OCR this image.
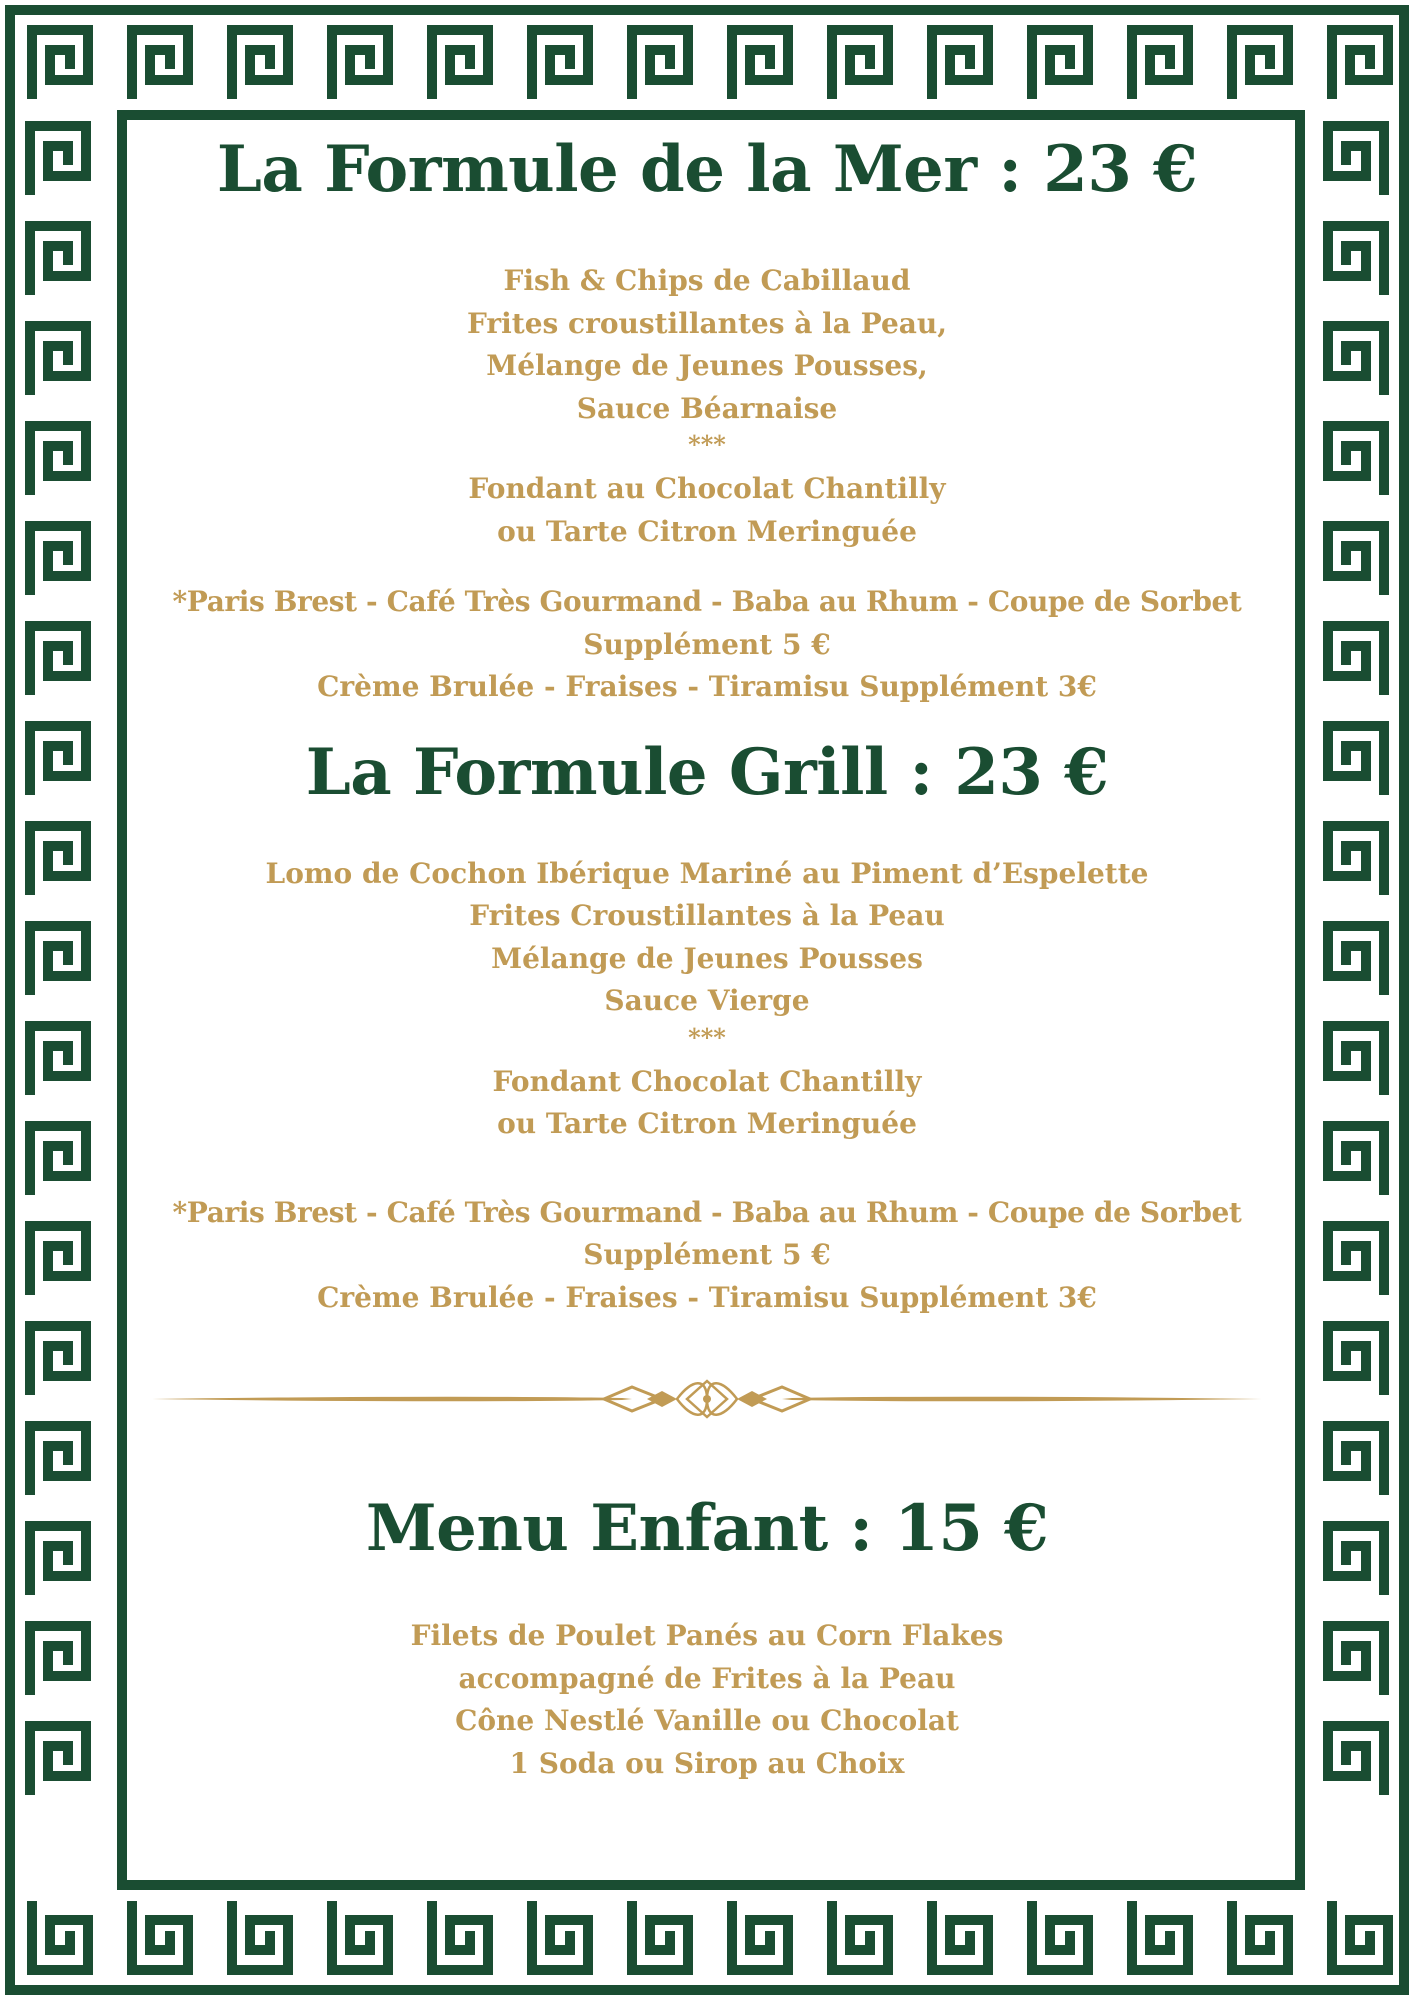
La Formule de la Mer : 23 €
Fish & Chips de Cabillaud
Frites croustillantes à la Peau,
Mélange de Jeunes Pousses,
Sauce Béarnaise
***
Fondant au Chocolat Chantilly
ou Tarte Citron Meringuée
*Paris Brest - Café Très Gourmand - Baba au Rhum - Coupe de Sorbet
Supplément 5 €
Crème Brulée - Fraises - Tiramisu Supplément 3€
La Formule Grill : 23 €
Lomo de Cochon Ibérique Mariné au Piment d’Espelette
Frites Croustillantes à la Peau
Mélange de Jeunes Pousses
Sauce Vierge
***
Fondant Chocolat Chantilly
ou Tarte Citron Meringuée
*Paris Brest - Café Très Gourmand - Baba au Rhum - Coupe de Sorbet
Supplément 5 €
Crème Brulée - Fraises - Tiramisu Supplément 3€
Menu Enfant : 15 €
Filets de Poulet Panés au Corn Flakes
accompagné de Frites à la Peau
Cône Nestlé Vanille ou Chocolat
1 Soda ou Sirop au Choix
